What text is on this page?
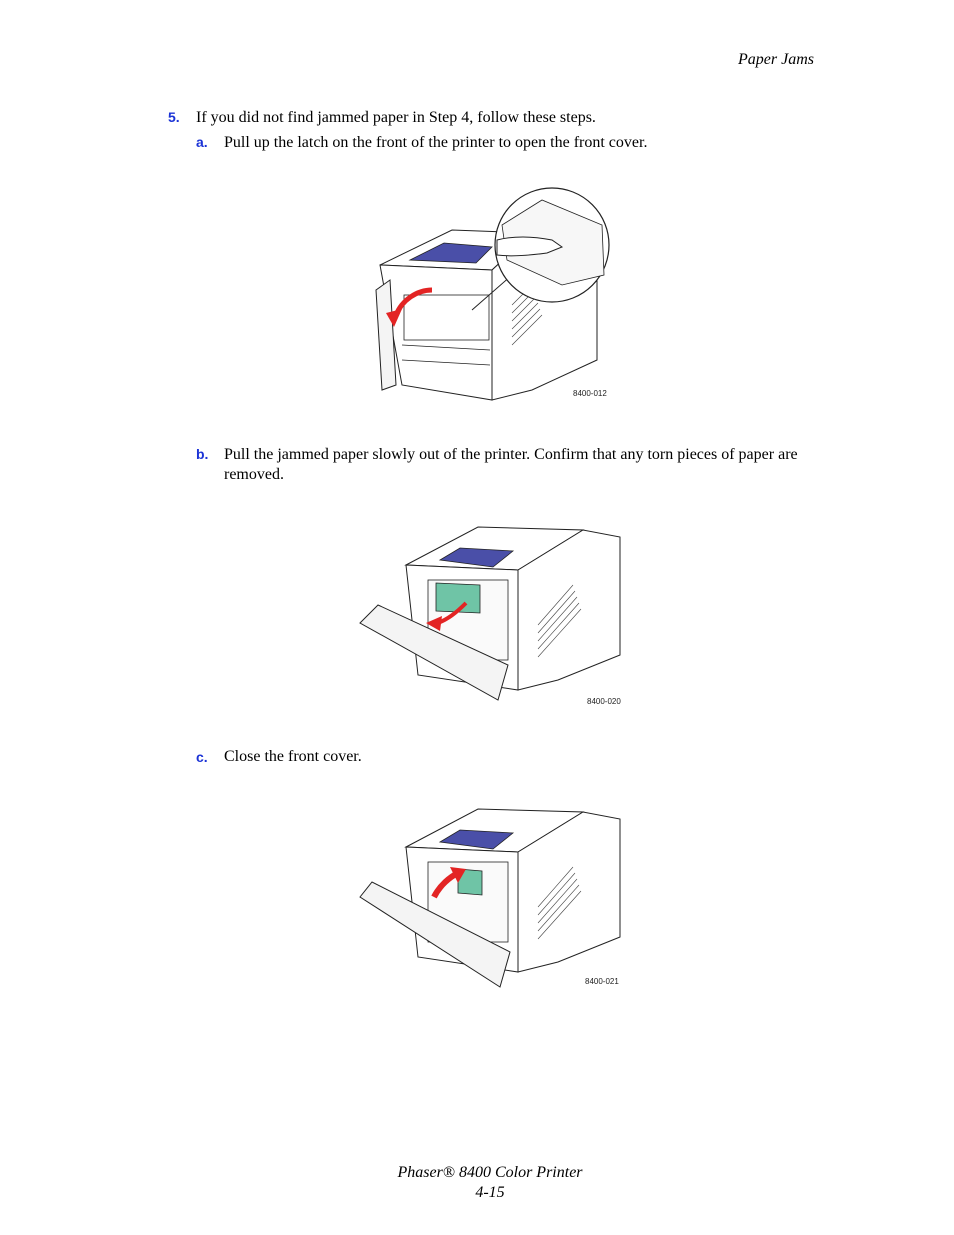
Paper Jams
5. If you did not find jammed paper in Step 4, follow these steps.
a. Pull up the latch on the front of the printer to open the front cover.
8400-012
b. Pull the jammed paper slowly out of the printer. Confirm that any torn pieces of paper are removed.
8400-020
c. Close the front cover.
8400-021
Phaser® 8400 Color Printer
4-15
